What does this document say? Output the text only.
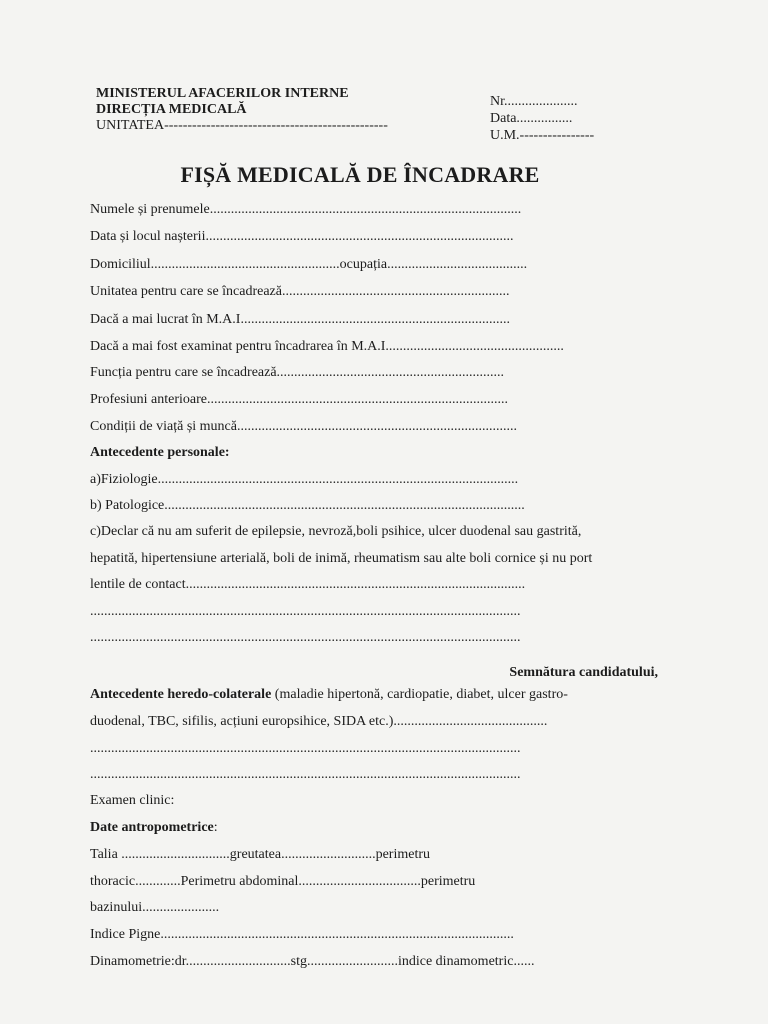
MINISTERUL AFACERILOR INTERNE
DIRECȚIA MEDICALĂ
UNITATEA------------------------------------------------
Nr.....................
Data................
U.M.----------------
FIȘĂ MEDICALĂ DE ÎNCADRARE
Numele și prenumele.........................................................................................
Data și locul nașterii........................................................................................
Domiciliul......................................................ocupația........................................
Unitatea pentru care se încadrează.................................................................
Dacă a mai lucrat în M.A.I.............................................................................
Dacă a mai fost examinat pentru încadrarea în M.A.I...................................................
Funcția pentru care se încadrează.................................................................
Profesiuni anterioare......................................................................................
Condiții de viață și muncă................................................................................
Antecedente personale:
a)Fiziologie.......................................................................................................
b) Patologice.......................................................................................................
c)Declar că nu am suferit de epilepsie, nevroză,boli psihice, ulcer duodenal sau gastrită,
hepatită, hipertensiune arterială, boli de inimă, rheumatism sau alte boli cornice și nu port
lentile de contact.................................................................................................
...........................................................................................................................
...........................................................................................................................
Semnătura candidatului,
Antecedente heredo-colaterale (maladie hipertonă, cardiopatie, diabet, ulcer gastro-
duodenal, TBC, sifilis, acțiuni europsihice, SIDA etc.)............................................
...........................................................................................................................
...........................................................................................................................
Examen clinic:
Date antropometrice:
Talia ...............................greutatea...........................perimetru
thoracic.............Perimetru abdominal...................................perimetru
bazinului......................
Indice Pigne.....................................................................................................
Dinamometrie:dr..............................stg..........................indice dinamometric......
